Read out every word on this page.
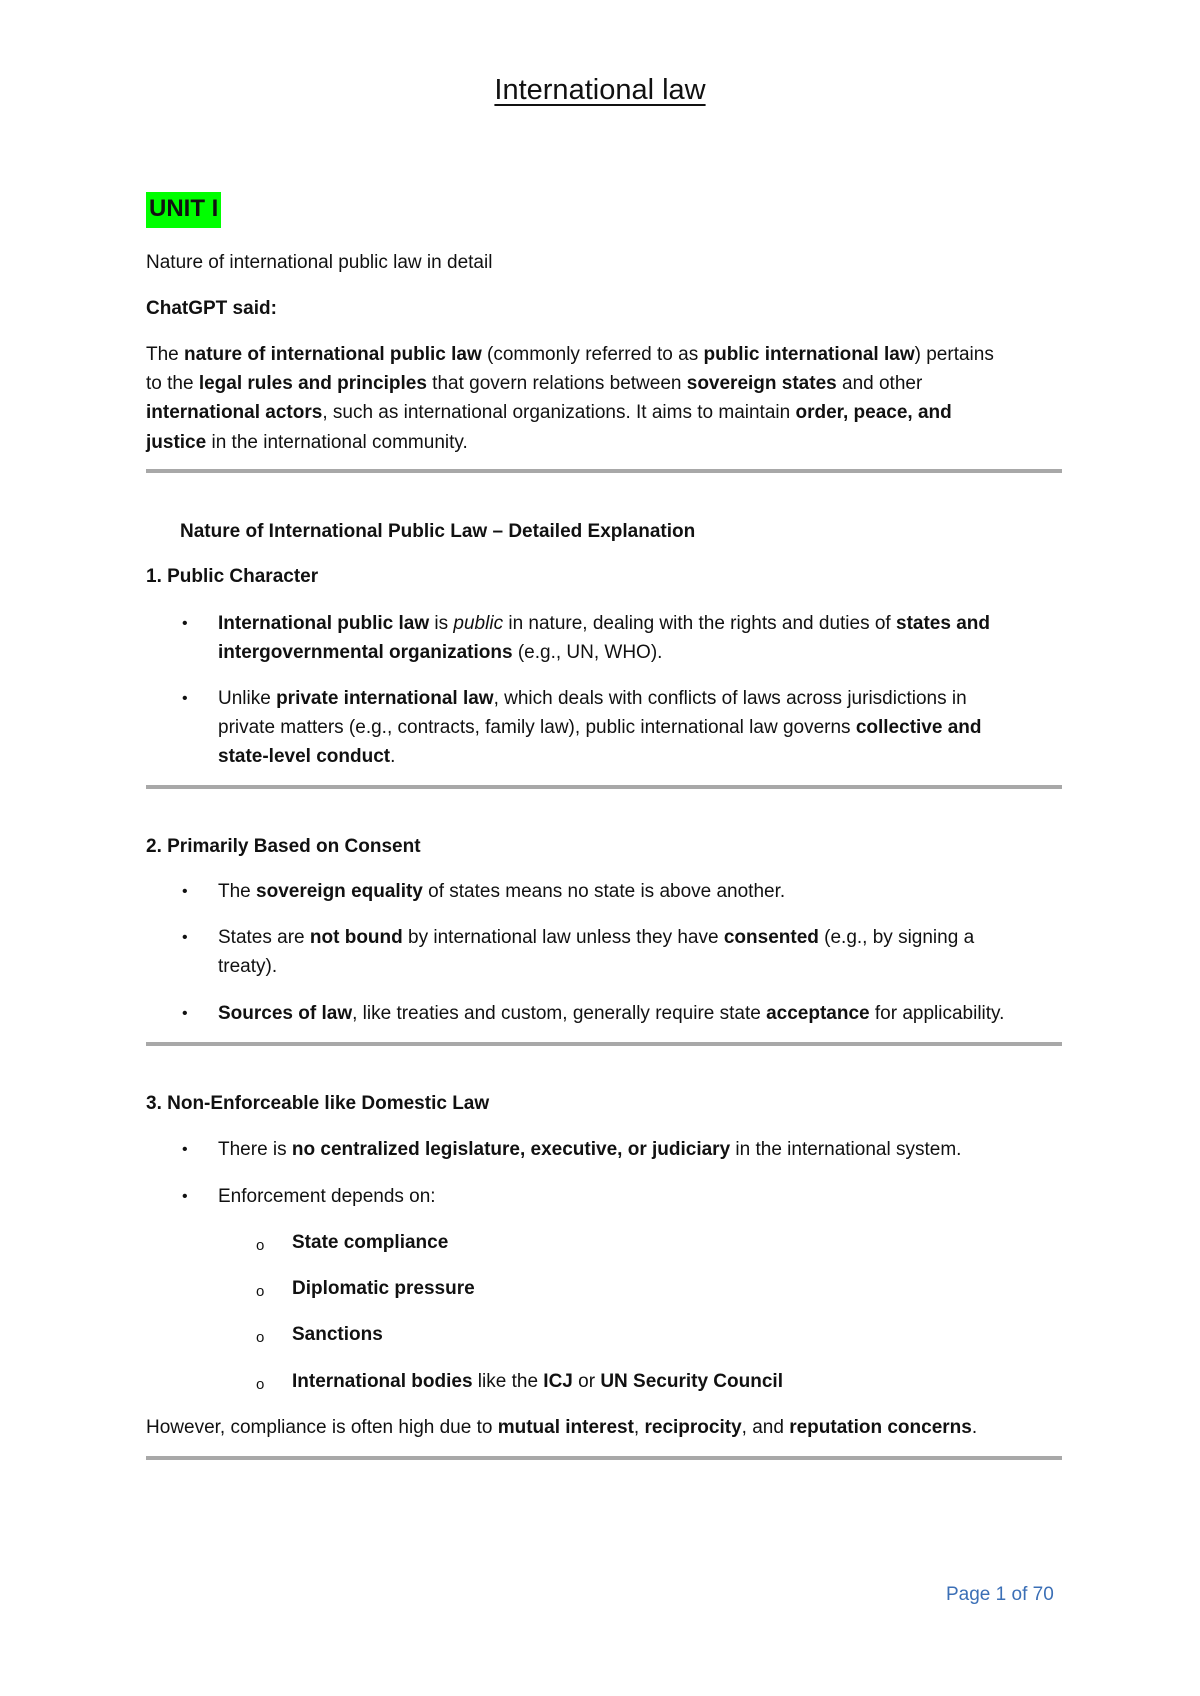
International law
UNIT I
Nature of international public law in detail
ChatGPT said:
The nature of international public law (commonly referred to as public international law) pertains
to the legal rules and principles that govern relations between sovereign states and other
international actors, such as international organizations. It aims to maintain order, peace, and
justice in the international community.
Nature of International Public Law – Detailed Explanation
1. Public Character
• International public law is public in nature, dealing with the rights and duties of states and
intergovernmental organizations (e.g., UN, WHO).
• Unlike private international law, which deals with conflicts of laws across jurisdictions in
private matters (e.g., contracts, family law), public international law governs collective and
state-level conduct.
2. Primarily Based on Consent
• The sovereign equality of states means no state is above another.
• States are not bound by international law unless they have consented (e.g., by signing a
treaty).
• Sources of law, like treaties and custom, generally require state acceptance for applicability.
3. Non-Enforceable like Domestic Law
• There is no centralized legislature, executive, or judiciary in the international system.
• Enforcement depends on:
o State compliance
o Diplomatic pressure
o Sanctions
o International bodies like the ICJ or UN Security Council
However, compliance is often high due to mutual interest, reciprocity, and reputation concerns.
Page 1 of 70
